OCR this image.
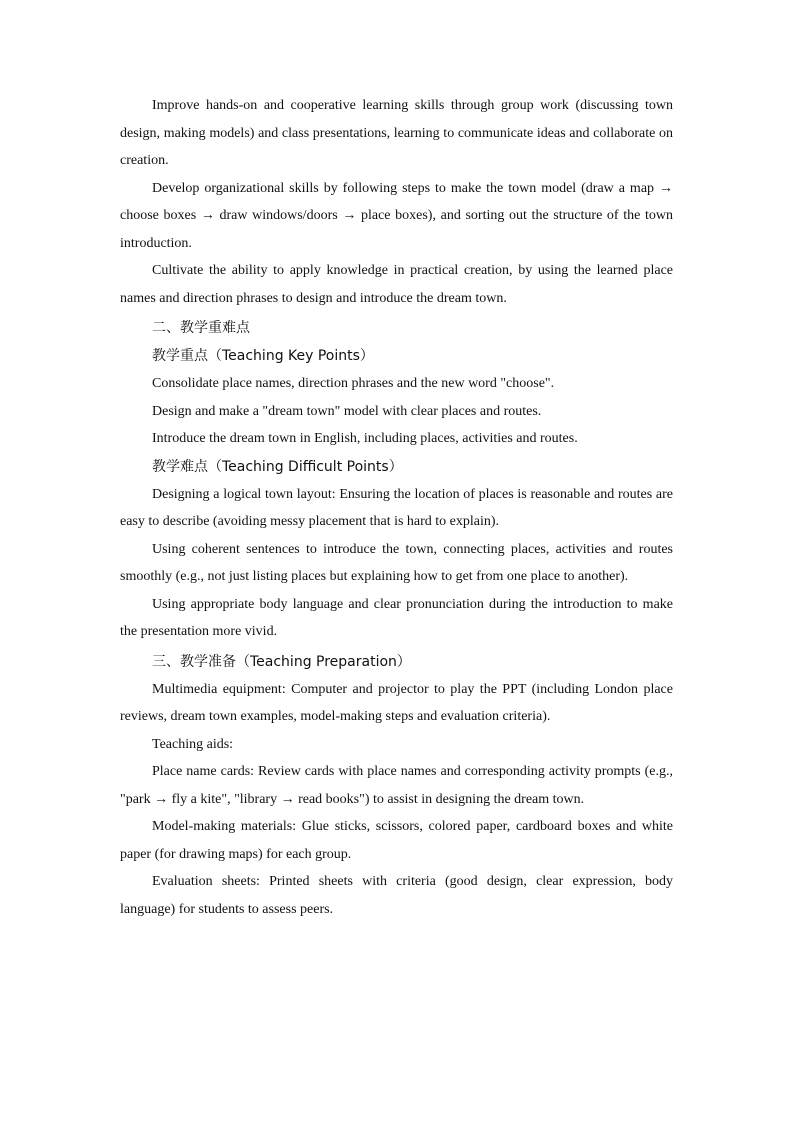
Improve hands-on and cooperative learning skills through group work (discussing town design, making models) and class presentations, learning to communicate ideas and collaborate on creation.

Develop organizational skills by following steps to make the town model (draw a map → choose boxes → draw windows/doors → place boxes), and sorting out the structure of the town introduction.

Cultivate the ability to apply knowledge in practical creation, by using the learned place names and direction phrases to design and introduce the dream town.

二、教学重难点

教学重点（Teaching Key Points）

Consolidate place names, direction phrases and the new word "choose".

Design and make a "dream town" model with clear places and routes.

Introduce the dream town in English, including places, activities and routes.

教学难点（Teaching Difficult Points）

Designing a logical town layout: Ensuring the location of places is reasonable and routes are easy to describe (avoiding messy placement that is hard to explain).

Using coherent sentences to introduce the town, connecting places, activities and routes smoothly (e.g., not just listing places but explaining how to get from one place to another).

Using appropriate body language and clear pronunciation during the introduction to make the presentation more vivid.

三、教学准备（Teaching Preparation）

Multimedia equipment: Computer and projector to play the PPT (including London place reviews, dream town examples, model-making steps and evaluation criteria).

Teaching aids:

Place name cards: Review cards with place names and corresponding activity prompts (e.g., "park → fly a kite", "library → read books") to assist in designing the dream town.

Model-making materials: Glue sticks, scissors, colored paper, cardboard boxes and white paper (for drawing maps) for each group.

Evaluation sheets: Printed sheets with criteria (good design, clear expression, body language) for students to assess peers.
